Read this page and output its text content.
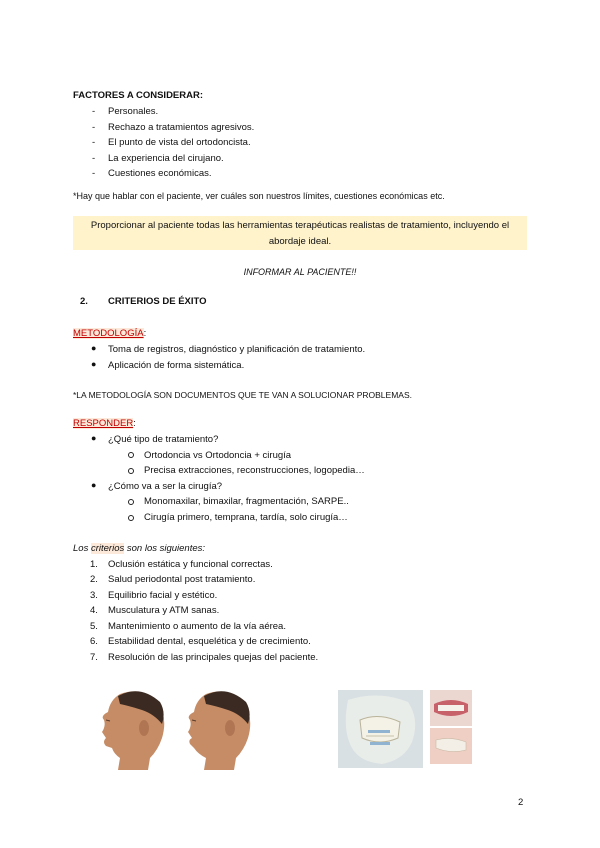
FACTORES A CONSIDERAR:
-	Personales.
-	Rechazo a tratamientos agresivos.
-	El punto de vista del ortodoncista.
-	La experiencia del cirujano.
-	Cuestiones económicas.
*Hay que hablar con el paciente, ver cuáles son nuestros límites, cuestiones económicas etc.
Proporcionar al paciente todas las herramientas terapéuticas realistas de tratamiento, incluyendo el
abordaje ideal.
INFORMAR AL PACIENTE!!
2. CRITERIOS DE ÉXITO
METODOLOGÍA:
● Toma de registros, diagnóstico y planificación de tratamiento.
● Aplicación de forma sistemática.
*LA METODOLOGÍA SON DOCUMENTOS QUE TE VAN A SOLUCIONAR PROBLEMAS.
RESPONDER:
● ¿Qué tipo de tratamiento?
Ortodoncia vs Ortodoncia + cirugía
Precisa extracciones, reconstrucciones, logopedia…
● ¿Cómo va a ser la cirugía?
Monomaxilar, bimaxilar, fragmentación, SARPE..
Cirugía primero, temprana, tardía, solo cirugía…
Los criterios son los siguientes:
1. Oclusión estática y funcional correctas.
2. Salud periodontal post tratamiento.
3. Equilibrio facial y estético.
4. Musculatura y ATM sanas.
5. Mantenimiento o aumento de la vía aérea.
6. Estabilidad dental, esquelética y de crecimiento.
7. Resolución de las principales quejas del paciente.
2
